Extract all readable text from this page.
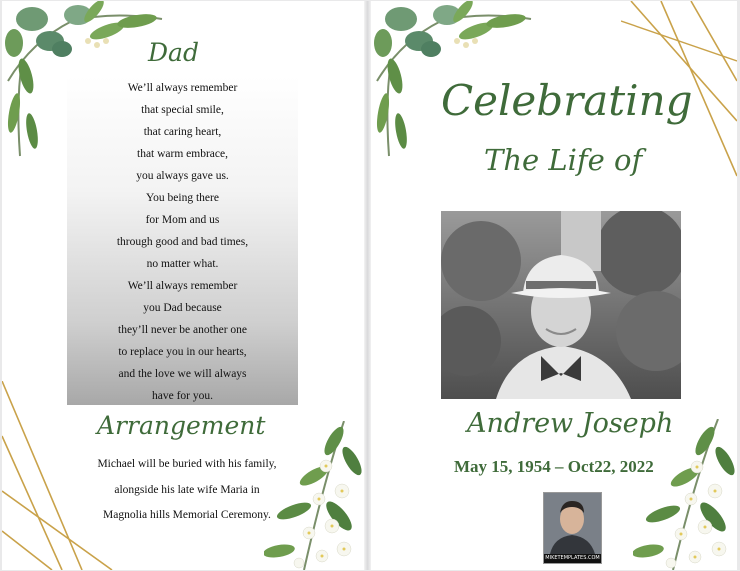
Dad
We’ll always remember
that special smile,
that caring heart,
that warm embrace,
you always gave us.
You being there
for Mom and us
through good and bad times,
no matter what.
We’ll always remember
you Dad because
they’ll never be another one
to replace you in our hearts,
and the love we will always
have for you.
Arrangement
Michael will be buried with his family,
alongside his late wife Maria in
Magnolia hills Memorial Ceremony.
Celebrating
The Life of
Andrew Joseph
May 15, 1954 – Oct22, 2022
MIKETEMPLATES.COM
